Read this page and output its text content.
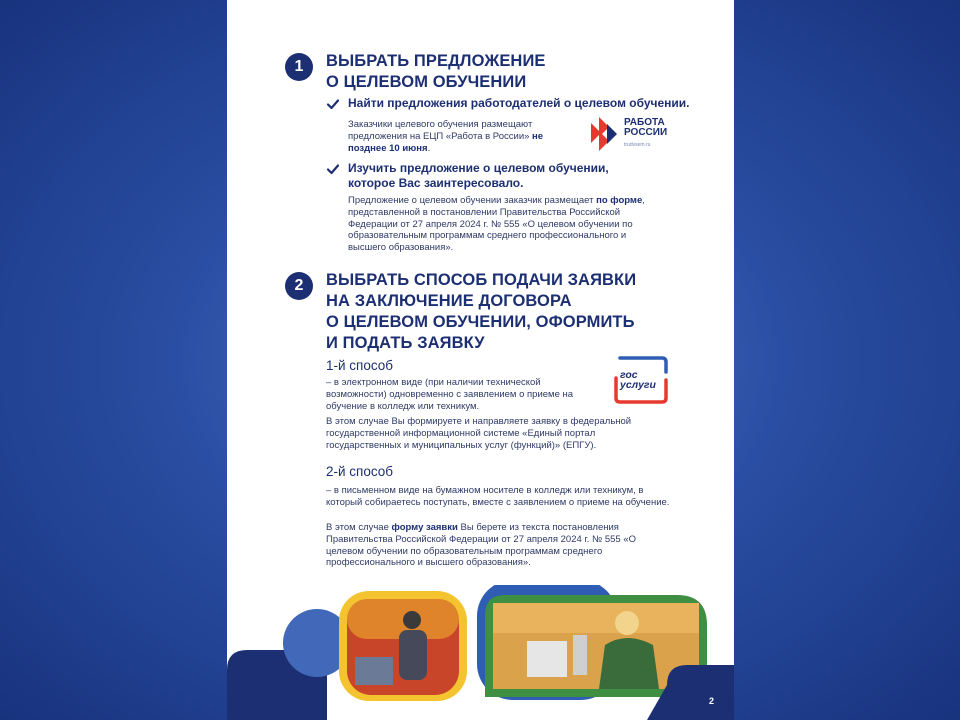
1	ВЫБРАТЬ ПРЕДЛОЖЕНИЕ
О ЦЕЛЕВОМ ОБУЧЕНИИ
Найти предложения работодателей о целевом обучении.
Заказчики целевого обучения размещают предложения на ЕЦП «Работа в России» не позднее 10 июня.
РАБОТА
РОССИИ
trudvsem.ru
Изучить предложение о целевом обучении,
которое Вас заинтересовало.
Предложение о целевом обучении заказчик размещает по форме, представленной в постановлении Правительства Российской Федерации от 27 апреля 2024 г. № 555 «О целевом обучении по образовательным программам среднего профессионального и высшего образования».
2	ВЫБРАТЬ СПОСОБ ПОДАЧИ ЗАЯВКИ
НА ЗАКЛЮЧЕНИЕ ДОГОВОРА
О ЦЕЛЕВОМ ОБУЧЕНИИ, ОФОРМИТЬ
И ПОДАТЬ ЗАЯВКУ
1-й способ
– в электронном виде (при наличии технической возможности) одновременно с заявлением о приеме на обучение в колледж или техникум.
гос
услуги
В этом случае Вы формируете и направляете заявку в федеральной государственной информационной системе «Единый портал государственных и муниципальных услуг (функций)» (ЕПГУ).
2-й способ
– в письменном виде на бумажном носителе в колледж или техникум, в который собираетесь поступать, вместе с заявлением о приеме на обучение.
В этом случае форму заявки Вы берете из текста постановления Правительства Российской Федерации от 27 апреля 2024 г. № 555 «О целевом обучении по образовательным программам среднего профессионального и высшего образования».
2
